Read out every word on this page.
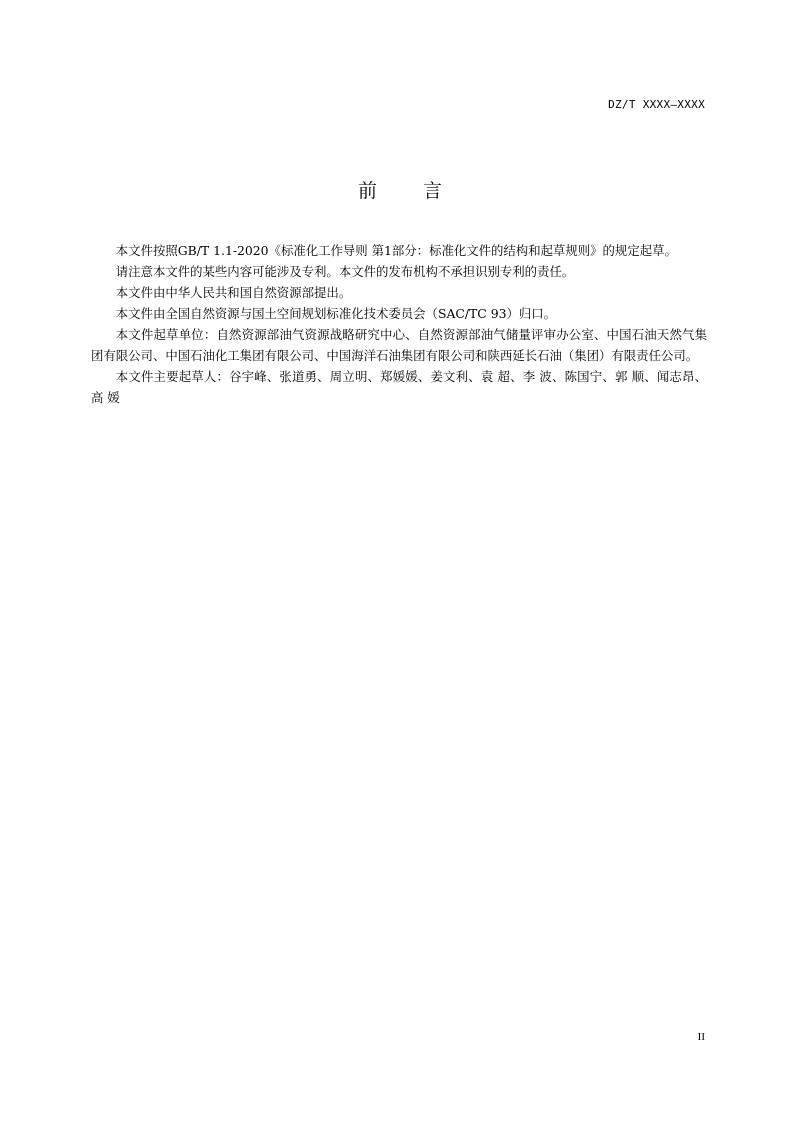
DZ/T XXXX—XXXX
前 言

本文件按照GB/T 1.1-2020《标准化工作导则 第1部分：标准化文件的结构和起草规则》的规定起草。

请注意本文件的某些内容可能涉及专利。本文件的发布机构不承担识别专利的责任。

本文件由中华人民共和国自然资源部提出。

本文件由全国自然资源与国土空间规划标准化技术委员会（SAC/TC 93）归口。

本文件起草单位：自然资源部油气资源战略研究中心、自然资源部油气储量评审办公室、中国石油天然气集团有限公司、中国石油化工集团有限公司、中国海洋石油集团有限公司和陕西延长石油（集团）有限责任公司。

本文件主要起草人：谷宇峰、张道勇、周立明、郑媛媛、姜文利、袁 超、李 波、陈国宁、郭 顺、闻志昂、高 媛

II
